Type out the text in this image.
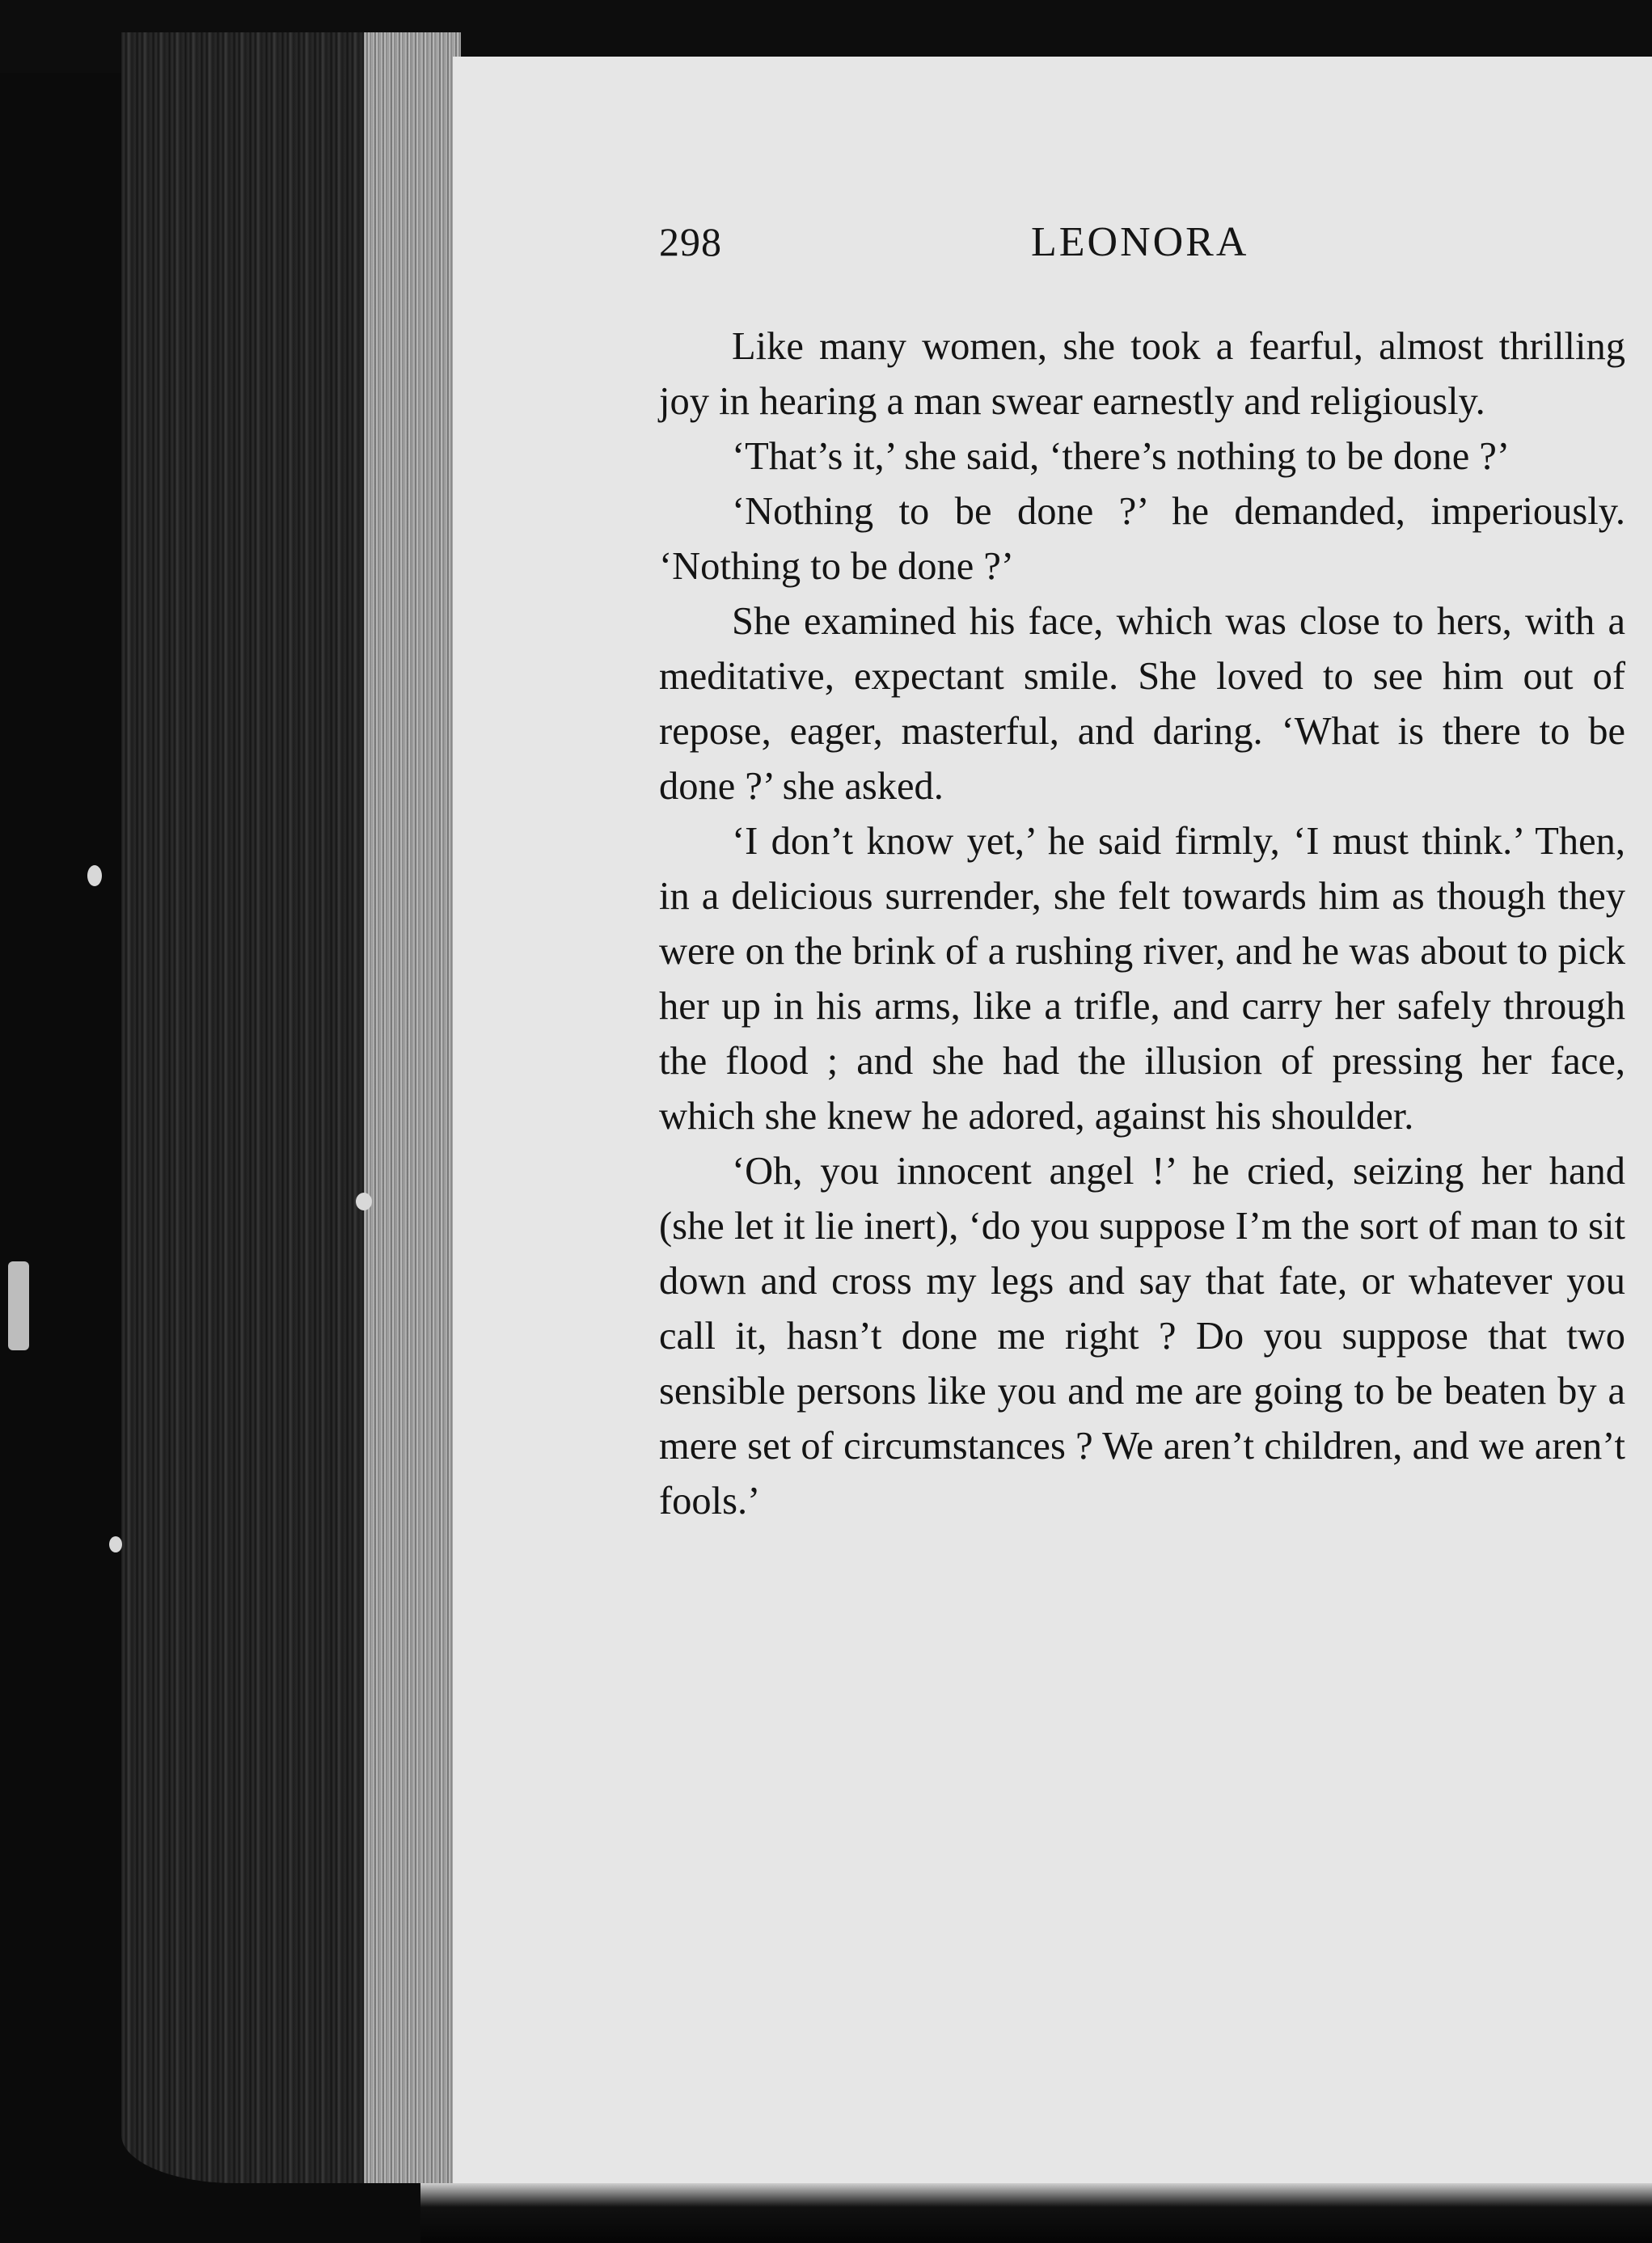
298	LEONORA

Like many women, she took a fearful, almost thrilling joy in hearing a man swear earnestly and religiously.

‘That’s it,’ she said, ‘there’s nothing to be done ?’

‘Nothing to be done ?’ he demanded, imperiously. ‘Nothing to be done ?’

She examined his face, which was close to hers, with a meditative, expectant smile. She loved to see him out of repose, eager, masterful, and daring. ‘What is there to be done ?’ she asked.

‘I don’t know yet,’ he said firmly, ‘I must think.’ Then, in a delicious surrender, she felt towards him as though they were on the brink of a rushing river, and he was about to pick her up in his arms, like a trifle, and carry her safely through the flood ; and she had the illusion of pressing her face, which she knew he adored, against his shoulder.

‘Oh, you innocent angel !’ he cried, seizing her hand (she let it lie inert), ‘do you suppose I’m the sort of man to sit down and cross my legs and say that fate, or whatever you call it, hasn’t done me right ? Do you suppose that two sensible persons like you and me are going to be beaten by a mere set of circumstances ? We aren’t children, and we aren’t fools.’
